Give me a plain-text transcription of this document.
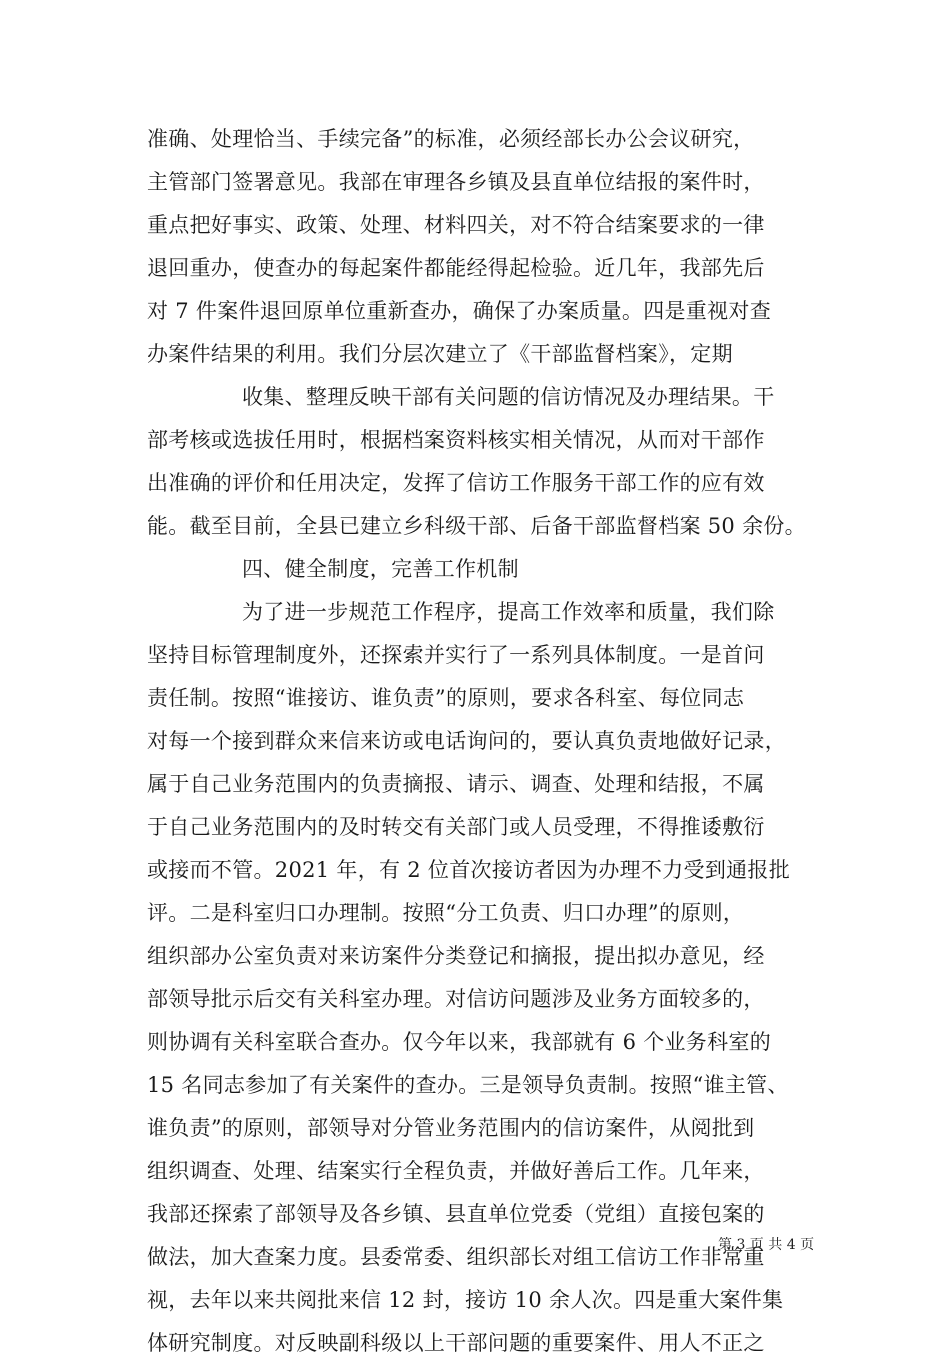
准确、处理恰当、手续完备”的标准，必须经部长办公会议研究，
主管部门签署意见。我部在审理各乡镇及县直单位结报的案件时，
重点把好事实、政策、处理、材料四关，对不符合结案要求的一律
退回重办，使查办的每起案件都能经得起检验。近几年，我部先后
对 7 件案件退回原单位重新查办，确保了办案质量。四是重视对查
办案件结果的利用。我们分层次建立了《干部监督档案》，定期
收集、整理反映干部有关问题的信访情况及办理结果。干
部考核或选拔任用时，根据档案资料核实相关情况，从而对干部作
出准确的评价和任用决定，发挥了信访工作服务干部工作的应有效
能。截至目前，全县已建立乡科级干部、后备干部监督档案 50 余份。
四、健全制度，完善工作机制
为了进一步规范工作程序，提高工作效率和质量，我们除
坚持目标管理制度外，还探索并实行了一系列具体制度。一是首问
责任制。按照“谁接访、谁负责”的原则，要求各科室、每位同志
对每一个接到群众来信来访或电话询问的，要认真负责地做好记录，
属于自己业务范围内的负责摘报、请示、调查、处理和结报，不属
于自己业务范围内的及时转交有关部门或人员受理，不得推诿敷衍
或接而不管。2021 年，有 2 位首次接访者因为办理不力受到通报批
评。二是科室归口办理制。按照“分工负责、归口办理”的原则，
组织部办公室负责对来访案件分类登记和摘报，提出拟办意见，经
部领导批示后交有关科室办理。对信访问题涉及业务方面较多的，
则协调有关科室联合查办。仅今年以来，我部就有 6 个业务科室的
15 名同志参加了有关案件的查办。三是领导负责制。按照“谁主管、
谁负责”的原则，部领导对分管业务范围内的信访案件，从阅批到
组织调查、处理、结案实行全程负责，并做好善后工作。几年来，
我部还探索了部领导及各乡镇、县直单位党委（党组）直接包案的
做法，加大查案力度。县委常委、组织部长对组工信访工作非常重
视，去年以来共阅批来信 12 封，接访 10 余人次。四是重大案件集
体研究制度。对反映副科级以上干部问题的重要案件、用人不正之
第 3 页 共 4 页
